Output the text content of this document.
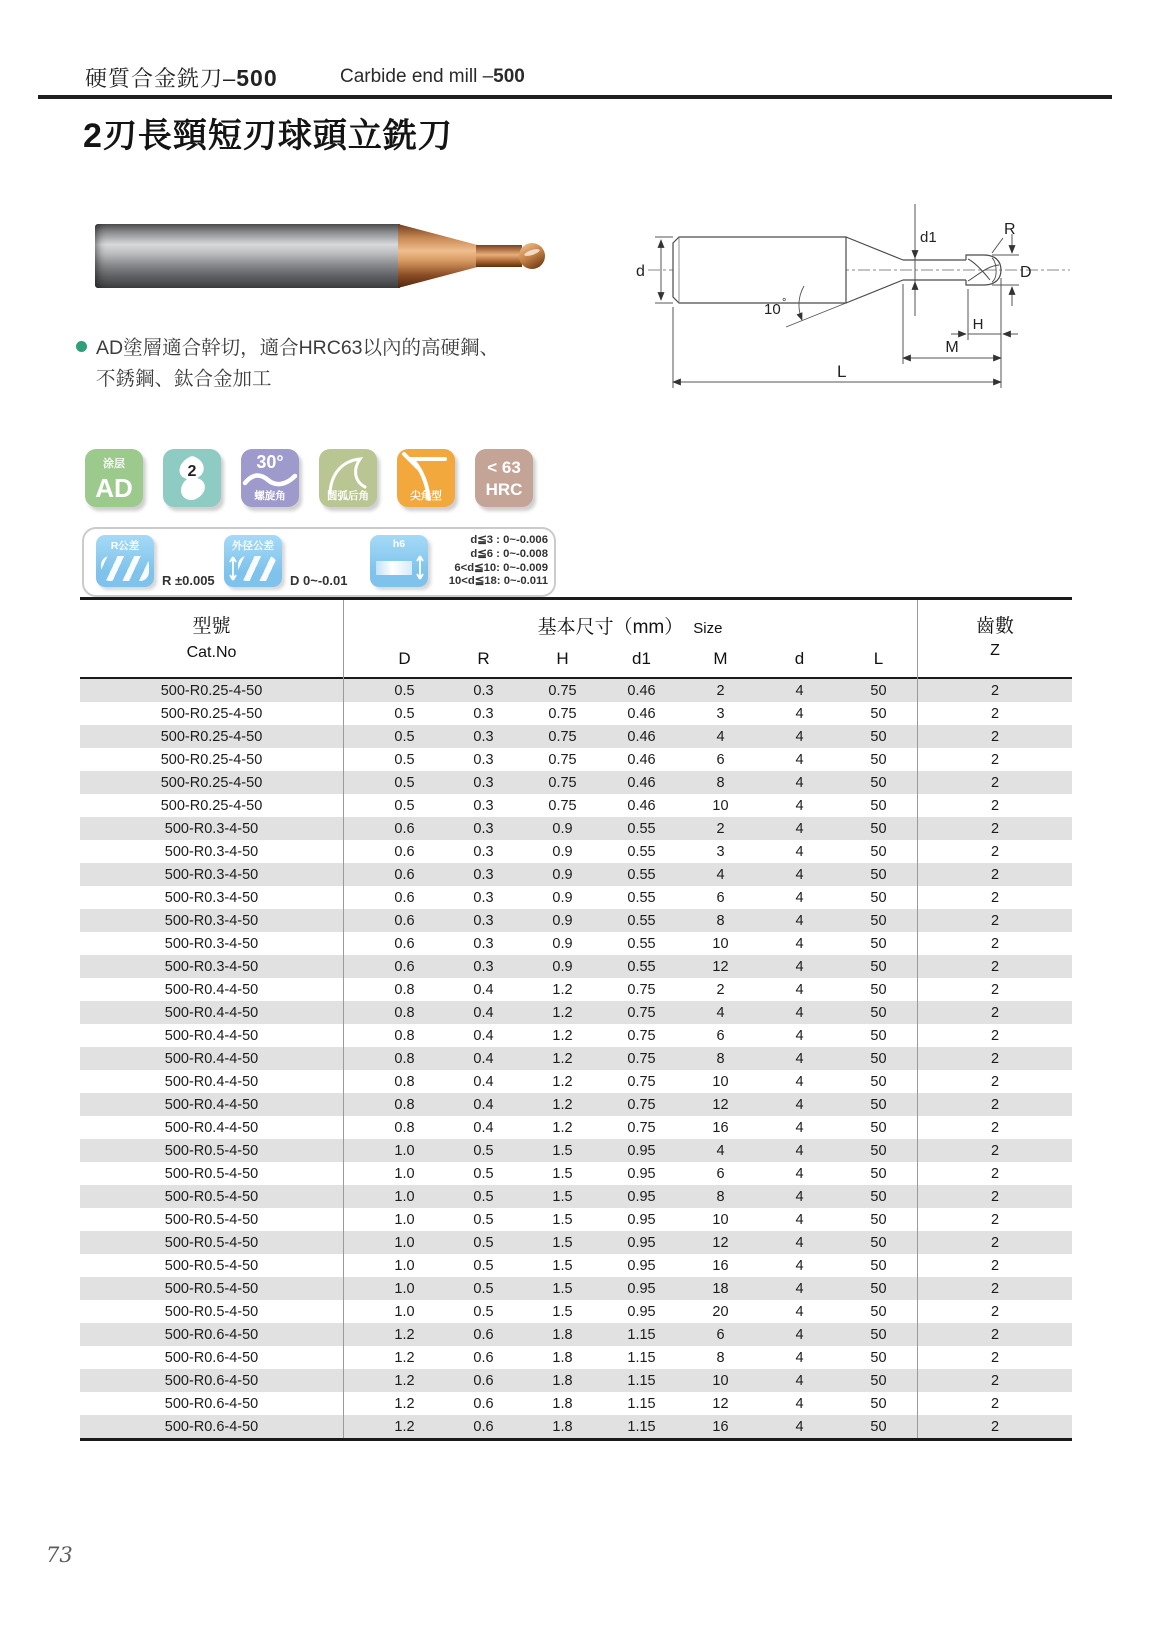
硬質合金銑刀–500	Carbide end mill –500
2刃長頸短刃球頭立銑刀
d
d1	R
D
H
M
L
10 °
AD塗層適合幹切，適合HRC63以內的高硬鋼、
不銹鋼、鈦合金加工
涂层
AD
2	30°
螺旋角	圆弧后角	尖角型
< 63
HRC
R公差
R ±0.005
外径公差
D 0~-0.01
h6	d≦3 : 0~-0.006
d≦6 : 0~-0.008
6<d≦10: 0~-0.009
10<d≦18: 0~-0.011
型號
Cat.No
基本尺寸（mm） Size
D	R	H	d1	M	d	L
齒數
Z
500-R0.25-4-50	0.5	0.3	0.75	0.46	2	4	50	2
500-R0.25-4-50	0.5	0.3	0.75	0.46	3	4	50	2
500-R0.25-4-50	0.5	0.3	0.75	0.46	4	4	50	2
500-R0.25-4-50	0.5	0.3	0.75	0.46	6	4	50	2
500-R0.25-4-50	0.5	0.3	0.75	0.46	8	4	50	2
500-R0.25-4-50	0.5	0.3	0.75	0.46	10	4	50	2
500-R0.3-4-50	0.6	0.3	0.9	0.55	2	4	50	2
500-R0.3-4-50	0.6	0.3	0.9	0.55	3	4	50	2
500-R0.3-4-50	0.6	0.3	0.9	0.55	4	4	50	2
500-R0.3-4-50	0.6	0.3	0.9	0.55	6	4	50	2
500-R0.3-4-50	0.6	0.3	0.9	0.55	8	4	50	2
500-R0.3-4-50	0.6	0.3	0.9	0.55	10	4	50	2
500-R0.3-4-50	0.6	0.3	0.9	0.55	12	4	50	2
500-R0.4-4-50	0.8	0.4	1.2	0.75	2	4	50	2
500-R0.4-4-50	0.8	0.4	1.2	0.75	4	4	50	2
500-R0.4-4-50	0.8	0.4	1.2	0.75	6	4	50	2
500-R0.4-4-50	0.8	0.4	1.2	0.75	8	4	50	2
500-R0.4-4-50	0.8	0.4	1.2	0.75	10	4	50	2
500-R0.4-4-50	0.8	0.4	1.2	0.75	12	4	50	2
500-R0.4-4-50	0.8	0.4	1.2	0.75	16	4	50	2
500-R0.5-4-50	1.0	0.5	1.5	0.95	4	4	50	2
500-R0.5-4-50	1.0	0.5	1.5	0.95	6	4	50	2
500-R0.5-4-50	1.0	0.5	1.5	0.95	8	4	50	2
500-R0.5-4-50	1.0	0.5	1.5	0.95	10	4	50	2
500-R0.5-4-50	1.0	0.5	1.5	0.95	12	4	50	2
500-R0.5-4-50	1.0	0.5	1.5	0.95	16	4	50	2
500-R0.5-4-50	1.0	0.5	1.5	0.95	18	4	50	2
500-R0.5-4-50	1.0	0.5	1.5	0.95	20	4	50	2
500-R0.6-4-50	1.2	0.6	1.8	1.15	6	4	50	2
500-R0.6-4-50	1.2	0.6	1.8	1.15	8	4	50	2
500-R0.6-4-50	1.2	0.6	1.8	1.15	10	4	50	2
500-R0.6-4-50	1.2	0.6	1.8	1.15	12	4	50	2
500-R0.6-4-50	1.2	0.6	1.8	1.15	16	4	50	2
73
